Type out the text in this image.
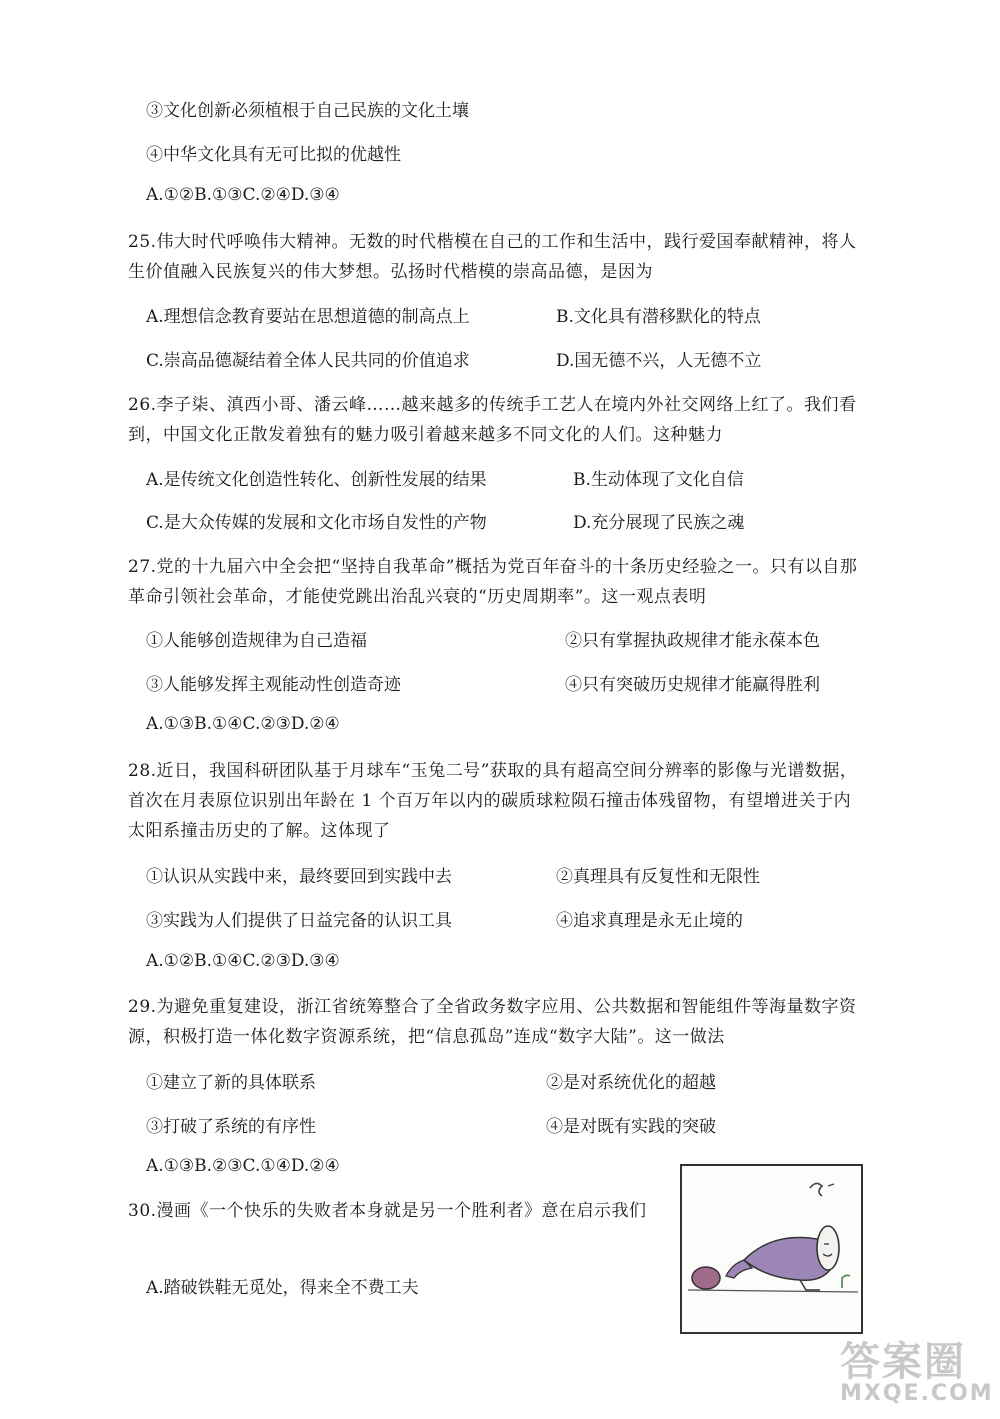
③文化创新必须植根于自己民族的文化土壤
④中华文化具有无可比拟的优越性
A.①②B.①③C.②④D.③④
25.伟大时代呼唤伟大精神。无数的时代楷模在自己的工作和生活中，践行爱国奉献精神，将人生价值融入民族复兴的伟大梦想。弘扬时代楷模的崇高品德，是因为
A.理想信念教育要站在思想道德的制高点上	B.文化具有潜移默化的特点
C.崇高品德凝结着全体人民共同的价值追求	D.国无德不兴，人无德不立
26.李子柒、滇西小哥、潘云峰……越来越多的传统手工艺人在境内外社交网络上红了。我们看到，中国文化正散发着独有的魅力吸引着越来越多不同文化的人们。这种魅力
A.是传统文化创造性转化、创新性发展的结果	B.生动体现了文化自信
C.是大众传媒的发展和文化市场自发性的产物	D.充分展现了民族之魂
27.党的十九届六中全会把“坚持自我革命”概括为党百年奋斗的十条历史经验之一。只有以自那革命引领社会革命，才能使党跳出治乱兴衰的“历史周期率”。这一观点表明
①人能够创造规律为自己造福	②只有掌握执政规律才能永葆本色
③人能够发挥主观能动性创造奇迹	④只有突破历史规律才能赢得胜利
A.①③B.①④C.②③D.②④
28.近日，我国科研团队基于月球车“玉兔二号”获取的具有超高空间分辨率的影像与光谱数据，首次在月表原位识别出年龄在 1 个百万年以内的碳质球粒陨石撞击体残留物，有望增进关于内太阳系撞击历史的了解。这体现了
①认识从实践中来，最终要回到实践中去	②真理具有反复性和无限性
③实践为人们提供了日益完备的认识工具	④追求真理是永无止境的
A.①②B.①④C.②③D.③④
29.为避免重复建设，浙江省统筹整合了全省政务数字应用、公共数据和智能组件等海量数字资源，积极打造一体化数字资源系统，把“信息孤岛”连成“数字大陆”。这一做法
①建立了新的具体联系	②是对系统优化的超越
③打破了系统的有序性	④是对既有实践的突破
A.①③B.②③C.①④D.②④
30.漫画《一个快乐的失败者本身就是另一个胜利者》意在启示我们
A.踏破铁鞋无觅处，得来全不费工夫
答案圈
MXQE.COM
